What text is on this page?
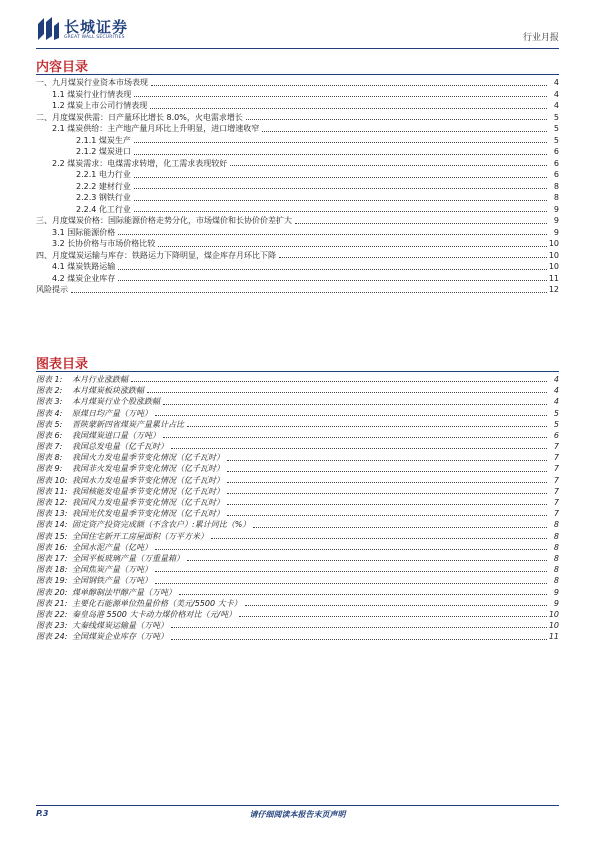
长城证券
GREAT WALL SECURITIES	行业月报
内容目录
一、九月煤炭行业资本市场表现	4
1.1 煤炭行业行情表现	4
1.2 煤炭上市公司行情表现	4
二、月度煤炭供需：日产量环比增长 8.0%，火电需求增长	5
2.1 煤炭供给：主产地产量月环比上升明显，进口增速收窄	5
2.1.1 煤炭生产	5
2.1.2 煤炭进口	6
2.2 煤炭需求：电煤需求转增，化工需求表现较好	6
2.2.1 电力行业	6
2.2.2 建材行业	8
2.2.3 钢铁行业	8
2.2.4 化工行业	9
三、月度煤炭价格：国际能源价格走势分化，市场煤价和长协价价差扩大	9
3.1 国际能源价格	9
3.2 长协价格与市场价格比较	10
四、月度煤炭运输与库存：铁路运力下降明显，煤企库存月环比下降	10
4.1 煤炭铁路运输	10
4.2 煤炭企业库存	11
风险提示	12
图表目录
图表 1:	本月行业涨跌幅	4
图表 2:	本月煤炭板块涨跌幅	4
图表 3:	本月煤炭行业个股涨跌幅	4
图表 4:	原煤日均产量（万吨）	5
图表 5:	晋陕蒙新四省煤炭产量累计占比	5
图表 6:	我国煤炭进口量（万吨）	6
图表 7:	我国总发电量（亿千瓦时）	7
图表 8:	我国火力发电量季节变化情况（亿千瓦时）	7
图表 9:	我国非火发电量季节变化情况（亿千瓦时）	7
图表 10: 我国水力发电量季节变化情况（亿千瓦时）	7
图表 11: 我国核能发电量季节变化情况（亿千瓦时）	7
图表 12: 我国风力发电量季节变化情况（亿千瓦时）	7
图表 13: 我国光伏发电量季节变化情况（亿千瓦时）	7
图表 14: 固定资产投资完成额（不含农户）:累计同比（%）	8
图表 15: 全国住宅新开工房屋面积（万平方米）	8
图表 16: 全国水泥产量（亿吨）	8
图表 17: 全国平板玻璃产量（万重量箱）	8
图表 18: 全国焦炭产量（万吨）	8
图表 19: 全国钢铁产量（万吨）	8
图表 20: 煤单醇制法甲醇产量（万吨）	9
图表 21: 主要化石能源单位热量价格（美元/5500 大卡）	9
图表 22: 秦皇岛港 5500 大卡动力煤价格对比（元/吨）	10
图表 23: 大秦线煤炭运输量（万吨）	10
图表 24: 全国煤炭企业库存（万吨）	11
P.3	请仔细阅读本报告末页声明
